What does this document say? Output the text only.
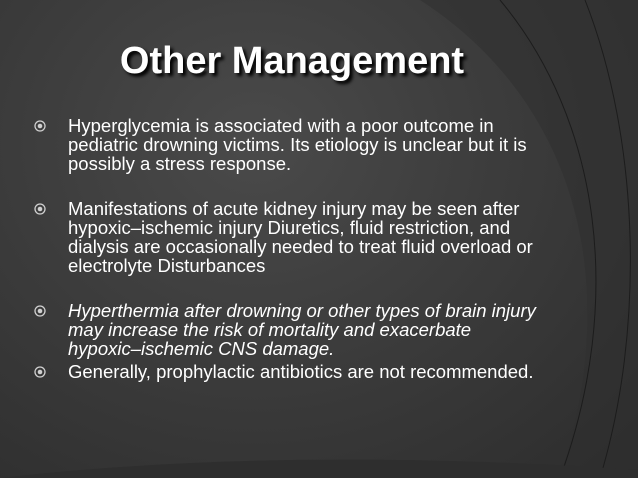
Other Management
Hyperglycemia is associated with a poor outcome in pediatric drowning victims. Its etiology is unclear but it is possibly a stress response.
Manifestations of acute kidney injury may be seen after hypoxic–ischemic injury Diuretics, fluid restriction, and dialysis are occasionally needed to treat fluid overload or electrolyte Disturbances
Hyperthermia after drowning or other types of brain injury may increase the risk of mortality and exacerbate hypoxic–ischemic CNS damage.
Generally, prophylactic antibiotics are not recommended.
